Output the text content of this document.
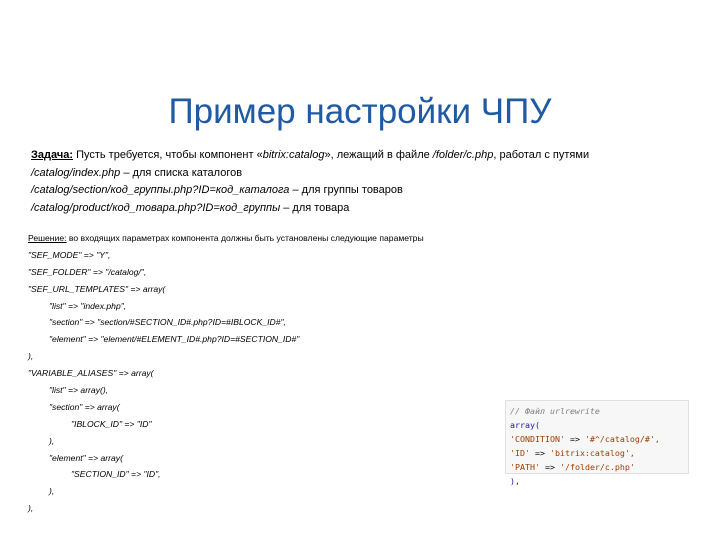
Пример настройки ЧПУ
Задача: Пусть требуется, чтобы компонент «bitrix:catalog», лежащий в файле /folder/c.php, работал с путями
/catalog/index.php – для списка каталогов
/catalog/section/код_группы.php?ID=код_каталога – для группы товаров
/catalog/product/код_товара.php?ID=код_группы – для товара
Решение: во входящих параметрах компонента должны быть установлены следующие параметры
"SEF_MODE" => "Y",
"SEF_FOLDER" => "/catalog/",
"SEF_URL_TEMPLATES" => array(
"list" => "index.php",
"section" => "section/#SECTION_ID#.php?ID=#IBLOCK_ID#",
"element" => "element/#ELEMENT_ID#.php?ID=#SECTION_ID#"
),
"VARIABLE_ALIASES" => array(
"list" => array(),
"section" => array(
"IBLOCK_ID" => "ID"
),
"element" => array(
"SECTION_ID" => "ID",
),
),
// Файл urlrewrite
array(
'CONDITION' => '#^/catalog/#',
'ID' => 'bitrix:catalog',
'PATH' => '/folder/c.php'
),
